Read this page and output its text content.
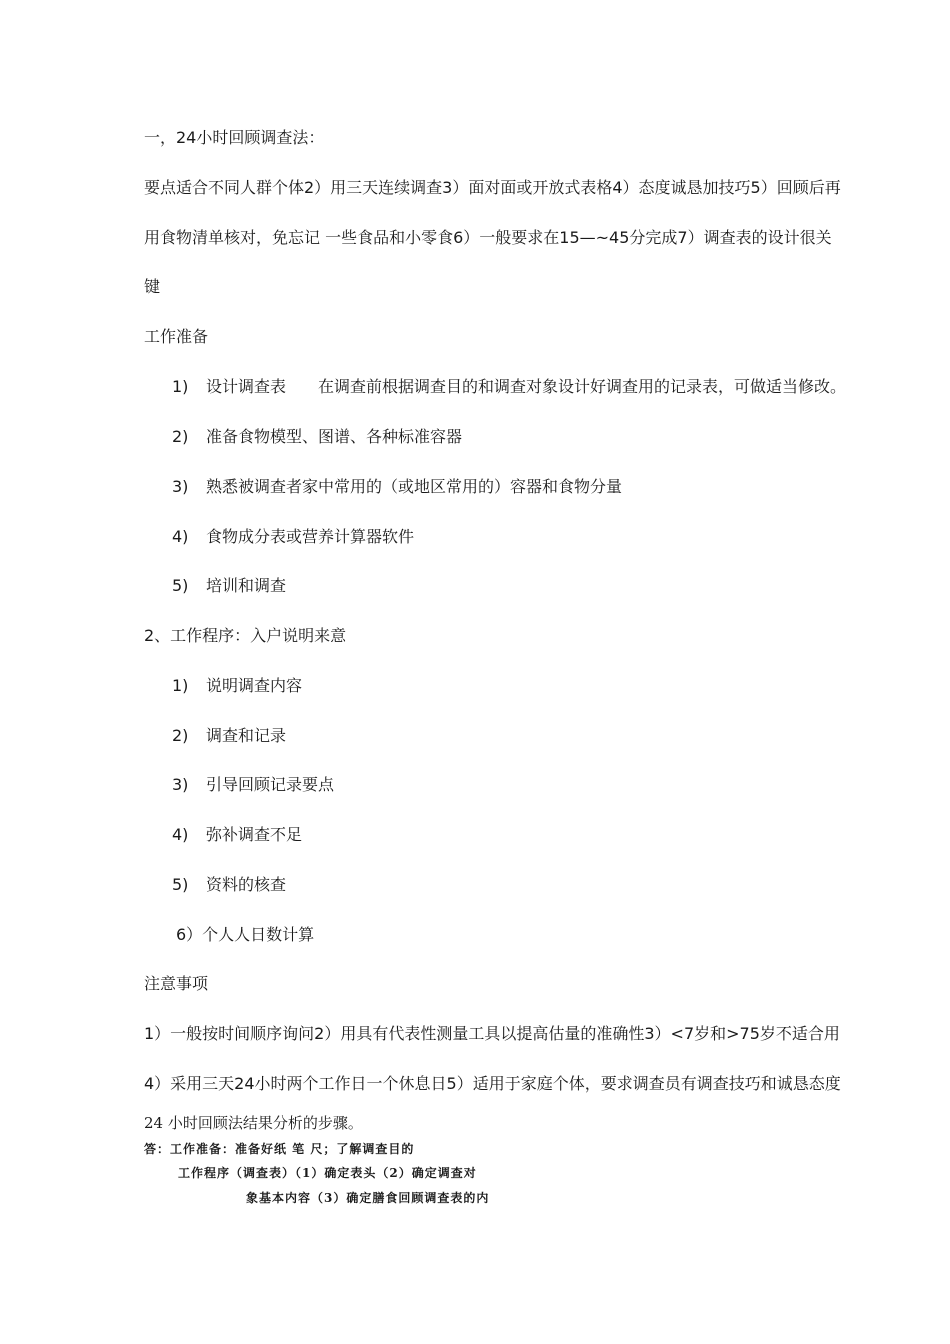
一，24小时回顾调查法：
要点适合不同人群个体2）用三天连续调查3）面对面或开放式表格4）态度诚恳加技巧5）回顾后再
用食物清单核对，免忘记 一些食品和小零食6）一般要求在15—~45分完成7）调查表的设计很关
键
工作准备
1) 设计调查表 在调查前根据调查目的和调查对象设计好调查用的记录表，可做适当修改。
2) 准备食物模型、图谱、各种标准容器
3) 熟悉被调查者家中常用的（或地区常用的）容器和食物分量
4) 食物成分表或营养计算器软件
5) 培训和调查
2、工作程序：入户说明来意
1) 说明调查内容
2) 调查和记录
3) 引导回顾记录要点
4) 弥补调查不足
5) 资料的核查
6）个人人日数计算
注意事项
1）一般按时间顺序询问2）用具有代表性测量工具以提高估量的准确性3）<7岁和>75岁不适合用
4）采用三天24小时两个工作日一个休息日5）适用于家庭个体，要求调查员有调查技巧和诚恳态度
24 小时回顾法结果分析的步骤。
答：工作准备：准备好纸 笔 尺；了解调查目的
工作程序（调查表）（1）确定表头（2）确定调查对
象基本内容（3）确定膳食回顾调查表的内
